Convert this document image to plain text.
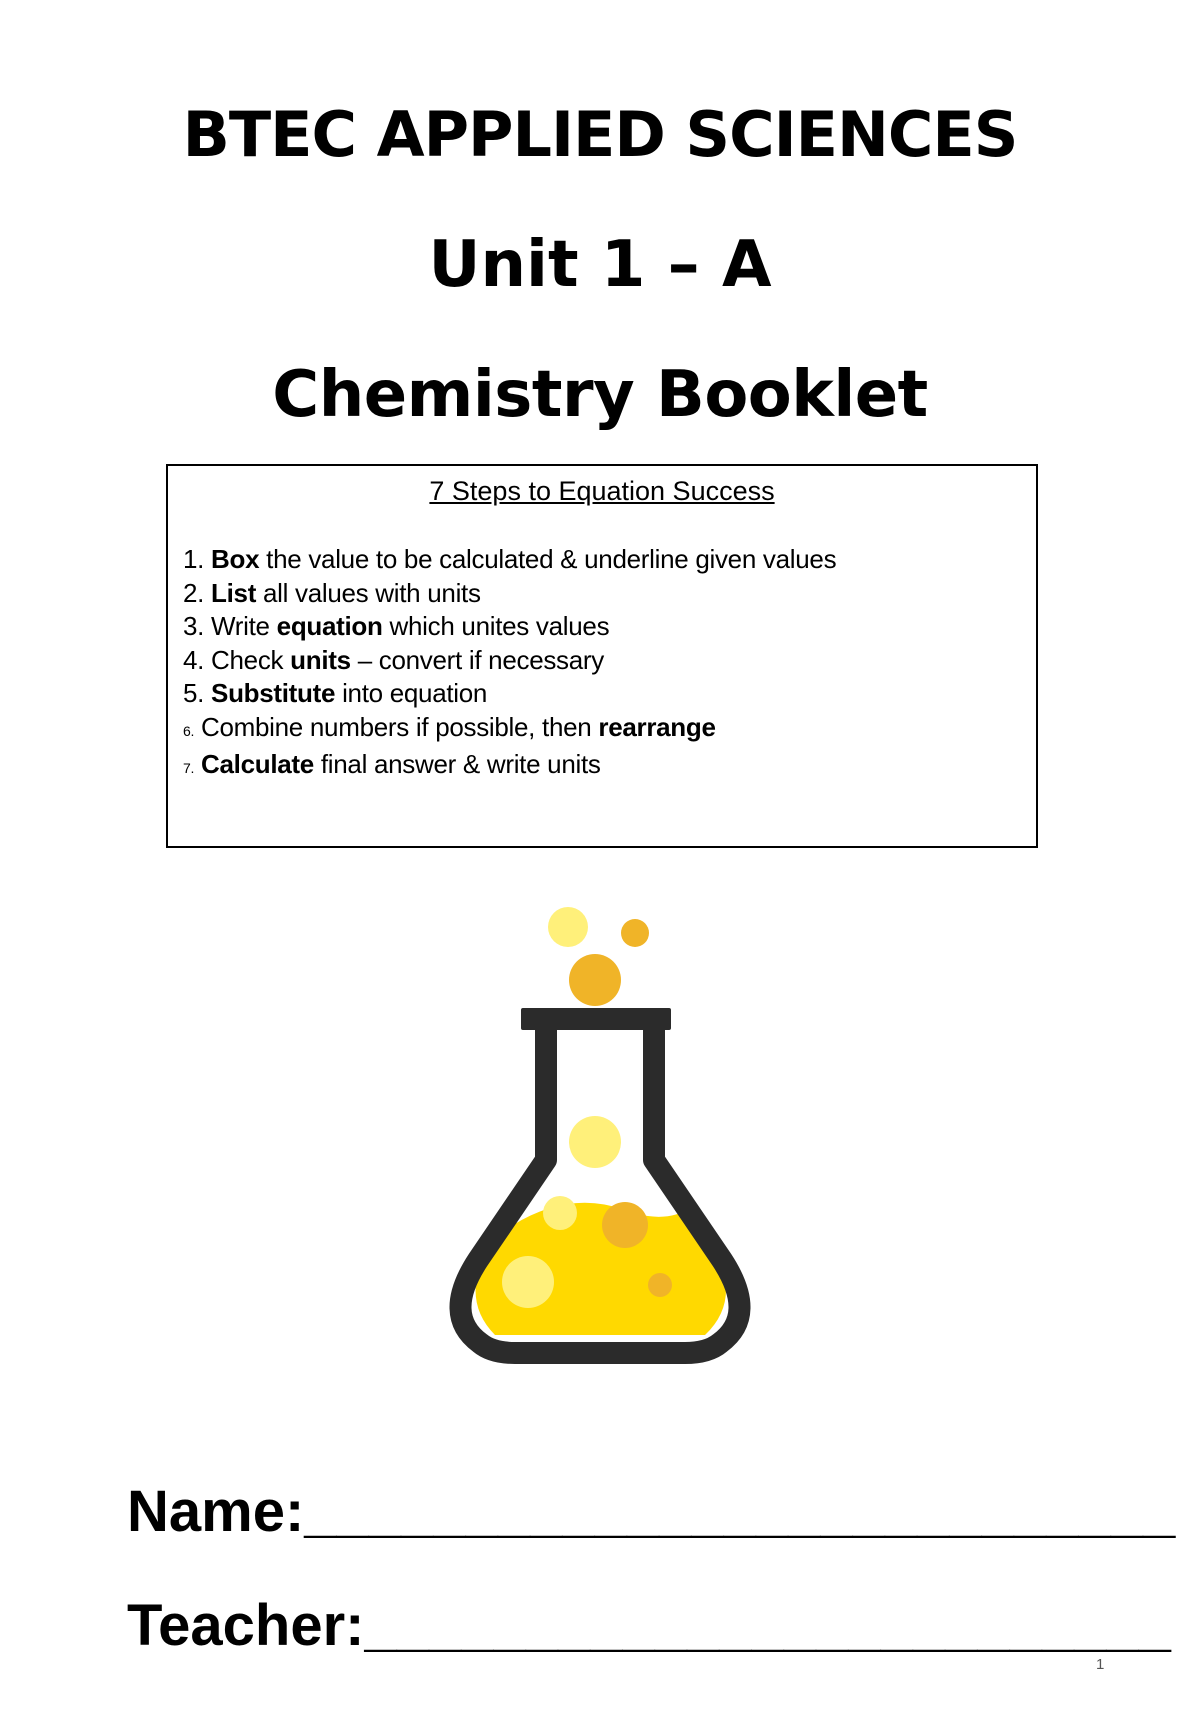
BTEC APPLIED SCIENCES
Unit 1 – A
Chemistry Booklet
7 Steps to Equation Success
1. Box the value to be calculated & underline given values
2. List all values with units
3. Write equation which unites values
4. Check units – convert if necessary
5. Substitute into equation
6. Combine numbers if possible, then rearrange
7. Calculate final answer & write units
Name:___________________________
Teacher:_________________________
1
